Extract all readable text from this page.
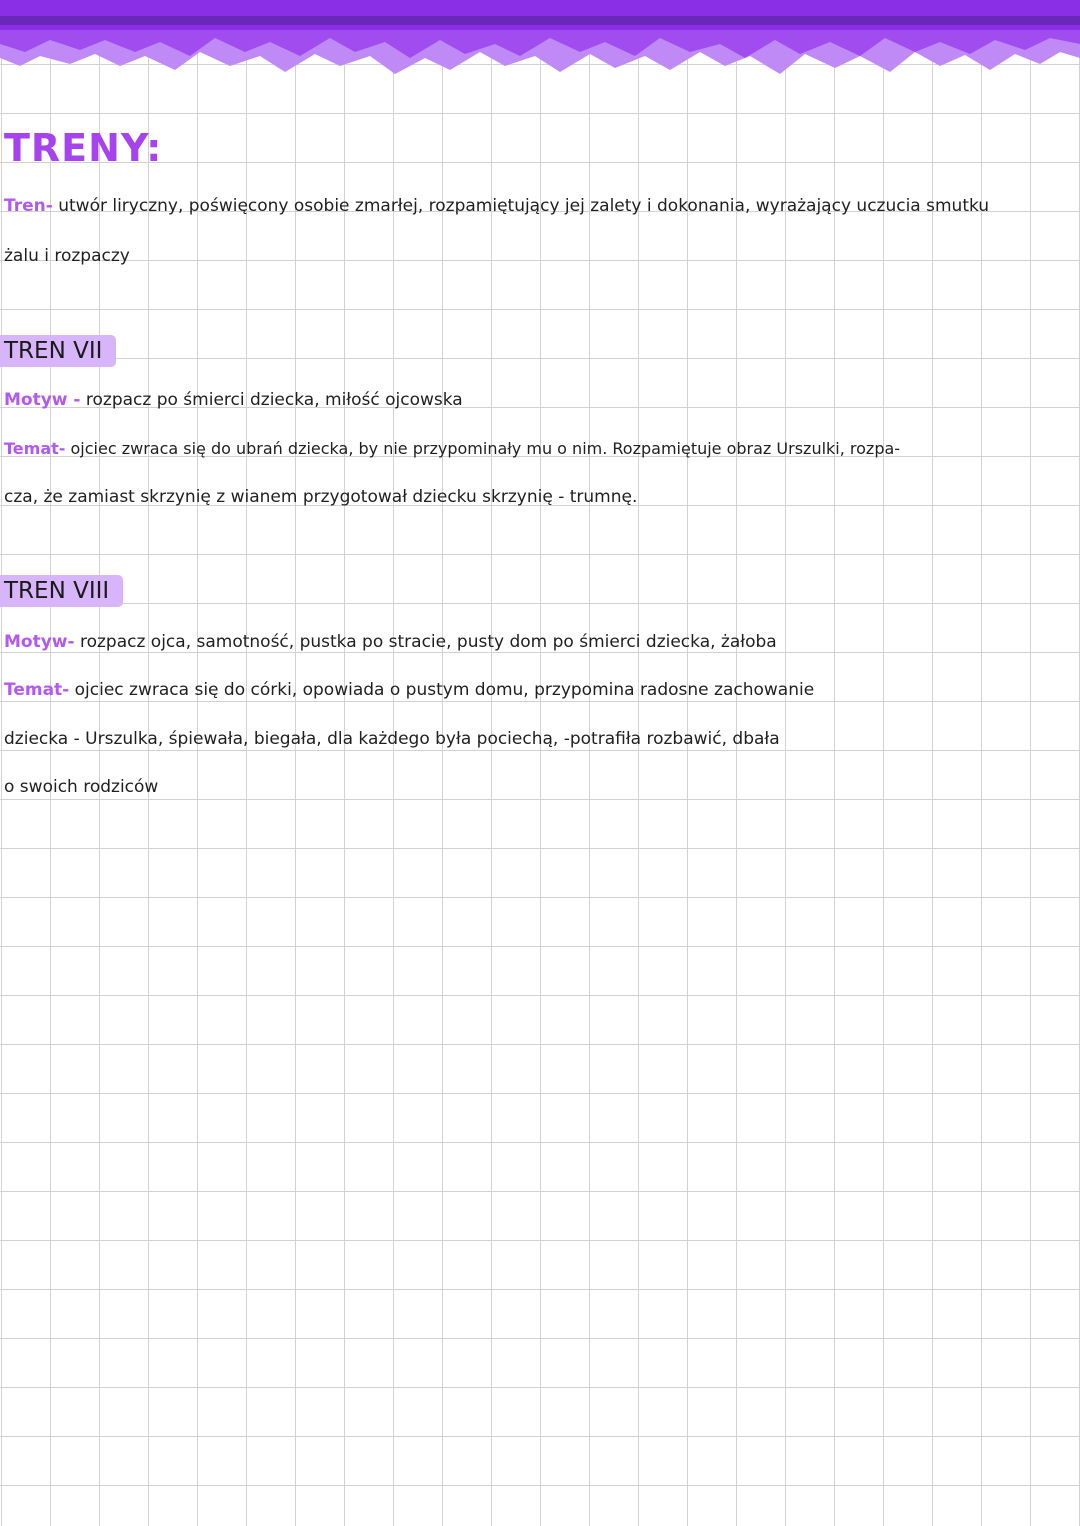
TRENY:
Tren- utwór liryczny, poświęcony osobie zmarłej, rozpamiętujący jej zalety i dokonania, wyrażający uczucia smutku
żalu i rozpaczy
TREN VII
Motyw - rozpacz po śmierci dziecka, miłość ojcowska
Temat- ojciec zwraca się do ubrań dziecka, by nie przypominały mu o nim. Rozpamiętuje obraz Urszulki, rozpa-
cza, że zamiast skrzynię z wianem przygotował dziecku skrzynię - trumnę.
TREN VIII
Motyw- rozpacz ojca, samotność, pustka po stracie, pusty dom po śmierci dziecka, żałoba
Temat- ojciec zwraca się do córki, opowiada o pustym domu, przypomina radosne zachowanie
dziecka - Urszulka, śpiewała, biegała, dla każdego była pociechą, -potrafiła rozbawić, dbała
o swoich rodziców
